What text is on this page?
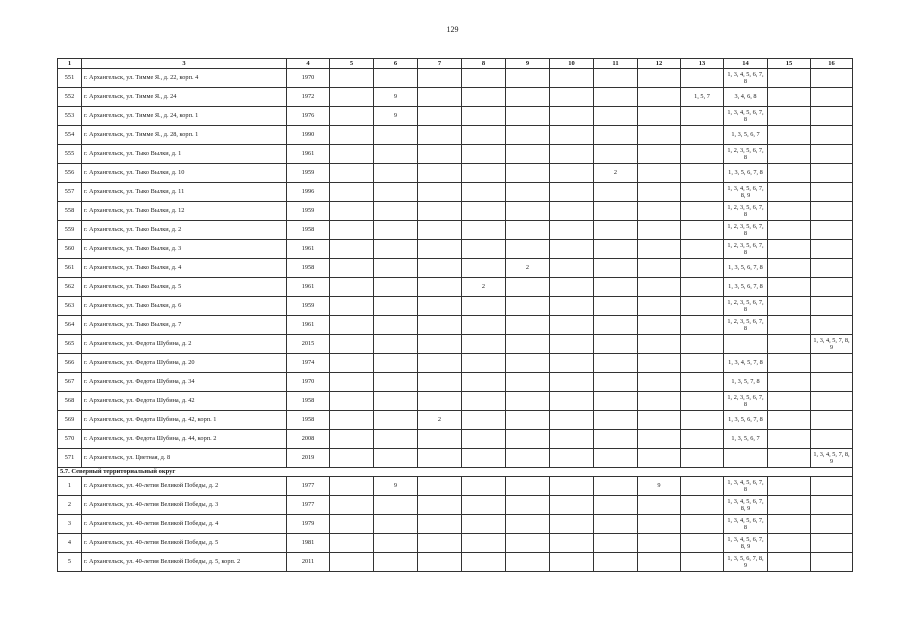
129
1	3	4	5	6	7	8	9	10	11	12	13	14	15	16
551	г. Архангельск, ул. Тимме Я., д. 22, корп. 4	1970										1, 3, 4, 5, 6, 7, 8		
552	г. Архангельск, ул. Тимме Я., д. 24	1972		9							1, 5, 7	3, 4, 6, 8		
553	г. Архангельск, ул. Тимме Я., д. 24, корп. 1	1976		9								1, 3, 4, 5, 6, 7, 8		
554	г. Архангельск, ул. Тимме Я., д. 28, корп. 1	1990										1, 3, 5, 6, 7		
555	г. Архангельск, ул. Тыко Вылки, д. 1	1961										1, 2, 3, 5, 6, 7, 8		
556	г. Архангельск, ул. Тыко Вылки, д. 10	1959							2			1, 3, 5, 6, 7, 8		
557	г. Архангельск, ул. Тыко Вылки, д. 11	1996										1, 3, 4, 5, 6, 7, 8, 9		
558	г. Архангельск, ул. Тыко Вылки, д. 12	1959										1, 2, 3, 5, 6, 7, 8		
559	г. Архангельск, ул. Тыко Вылки, д. 2	1958										1, 2, 3, 5, 6, 7, 8		
560	г. Архангельск, ул. Тыко Вылки, д. 3	1961										1, 2, 3, 5, 6, 7, 8		
561	г. Архангельск, ул. Тыко Вылки, д. 4	1958					2					1, 3, 5, 6, 7, 8		
562	г. Архангельск, ул. Тыко Вылки, д. 5	1961				2						1, 3, 5, 6, 7, 8		
563	г. Архангельск, ул. Тыко Вылки, д. 6	1959										1, 2, 3, 5, 6, 7, 8		
564	г. Архангельск, ул. Тыко Вылки, д. 7	1961										1, 2, 3, 5, 6, 7, 8		
565	г. Архангельск, ул. Федота Шубина, д. 2	2015												1, 3, 4, 5, 7, 8, 9
566	г. Архангельск, ул. Федота Шубина, д. 20	1974										1, 3, 4, 5, 7, 8		
567	г. Архангельск, ул. Федота Шубина, д. 34	1970										1, 3, 5, 7, 8		
568	г. Архангельск, ул. Федота Шубина, д. 42	1958										1, 2, 3, 5, 6, 7, 8		
569	г. Архангельск, ул. Федота Шубина, д. 42, корп. 1	1958			2							1, 3, 5, 6, 7, 8		
570	г. Архангельск, ул. Федота Шубина, д. 44, корп. 2	2008										1, 3, 5, 6, 7		
571	г. Архангельск, ул. Цветная, д. 8	2019												1, 3, 4, 5, 7, 8, 9
5.7. Северный территориальный округ														
1	г. Архангельск, ул. 40-летия Великой Победы, д. 2	1977		9						9		1, 3, 4, 5, 6, 7, 8		
2	г. Архангельск, ул. 40-летия Великой Победы, д. 3	1977										1, 3, 4, 5, 6, 7, 8, 9		
3	г. Архангельск, ул. 40-летия Великой Победы, д. 4	1979										1, 3, 4, 5, 6, 7, 8		
4	г. Архангельск, ул. 40-летия Великой Победы, д. 5	1981										1, 3, 4, 5, 6, 7, 8, 9		
5	г. Архангельск, ул. 40-летия Великой Победы, д. 5, корп. 2	2011										1, 3, 5, 6, 7, 8, 9		
